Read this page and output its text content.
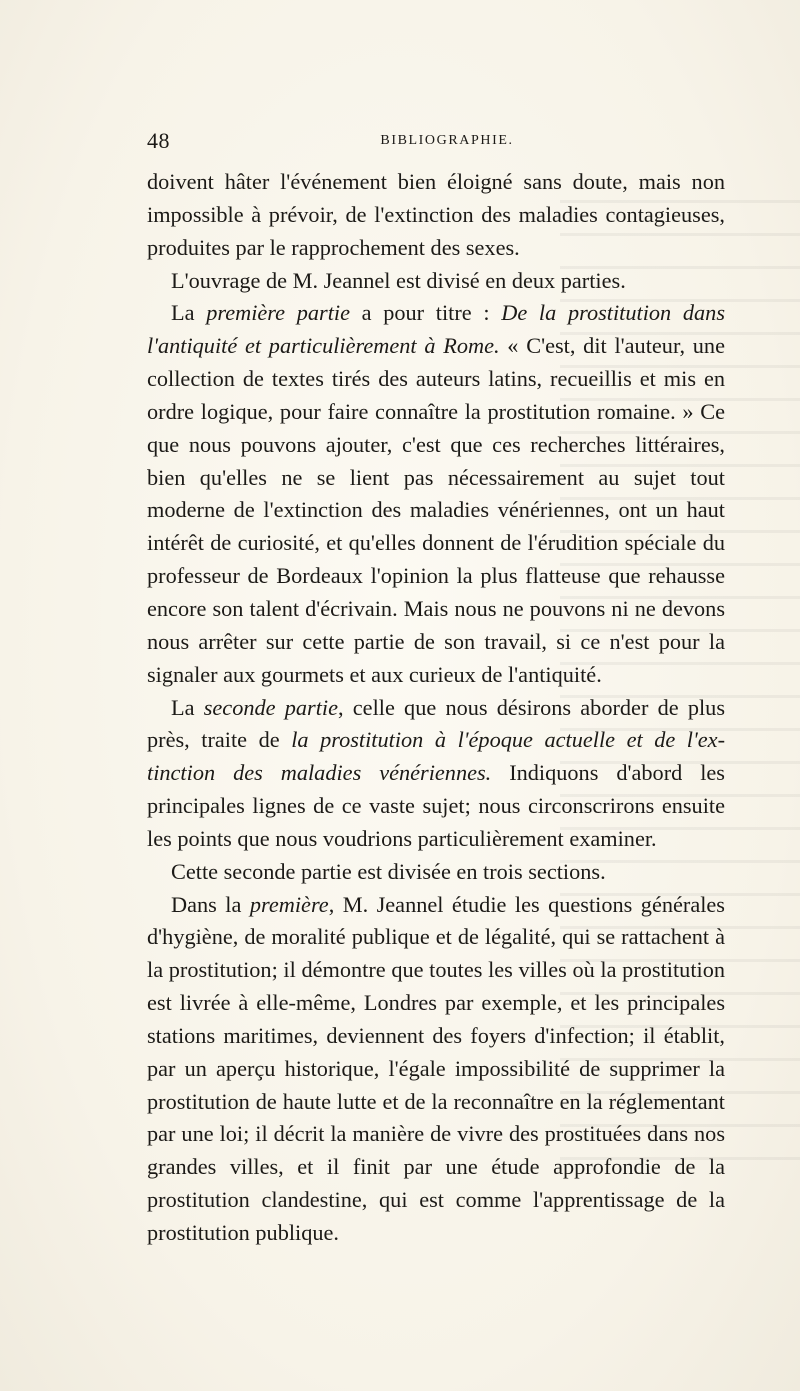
48	BIBLIOGRAPHIE.

doivent hâter l'événement bien éloigné sans doute, mais non impossible à prévoir, de l'extinction des maladies contagieuses, produites par le rapprochement des sexes.

L'ouvrage de M. Jeannel est divisé en deux parties.

La première partie a pour titre : De la prostitution dans l'antiquité et particulièrement à Rome. « C'est, dit l'auteur, une collection de textes tirés des auteurs latins, recueillis et mis en ordre logique, pour faire connaître la prostitution romaine. » Ce que nous pouvons ajouter, c'est que ces recherches littéraires, bien qu'elles ne se lient pas nécessairement au sujet tout moderne de l'extinction des maladies vénériennes, ont un haut intérêt de curiosité, et qu'elles donnent de l'érudition spéciale du professeur de Bordeaux l'opinion la plus flatteuse que rehausse encore son talent d'écrivain. Mais nous ne pouvons ni ne devons nous arrêter sur cette partie de son travail, si ce n'est pour la signaler aux gourmets et aux curieux de l'antiquité.

La seconde partie, celle que nous désirons aborder de plus près, traite de la prostitution à l'époque actuelle et de l'extinction des maladies vénériennes. Indiquons d'abord les principales lignes de ce vaste sujet; nous circonscrirons ensuite les points que nous voudrions particulièrement examiner.

Cette seconde partie est divisée en trois sections.

Dans la première, M. Jeannel étudie les questions générales d'hygiène, de moralité publique et de légalité, qui se rattachent à la prostitution; il démontre que toutes les villes où la prostitution est livrée à elle-même, Londres par exemple, et les principales stations maritimes, deviennent des foyers d'infection; il établit, par un aperçu historique, l'égale impossibilité de supprimer la prostitution de haute lutte et de la reconnaître en la réglementant par une loi; il décrit la manière de vivre des prostituées dans nos grandes villes, et il finit par une étude approfondie de la prostitution clandestine, qui est comme l'apprentissage de la prostitution publique.
